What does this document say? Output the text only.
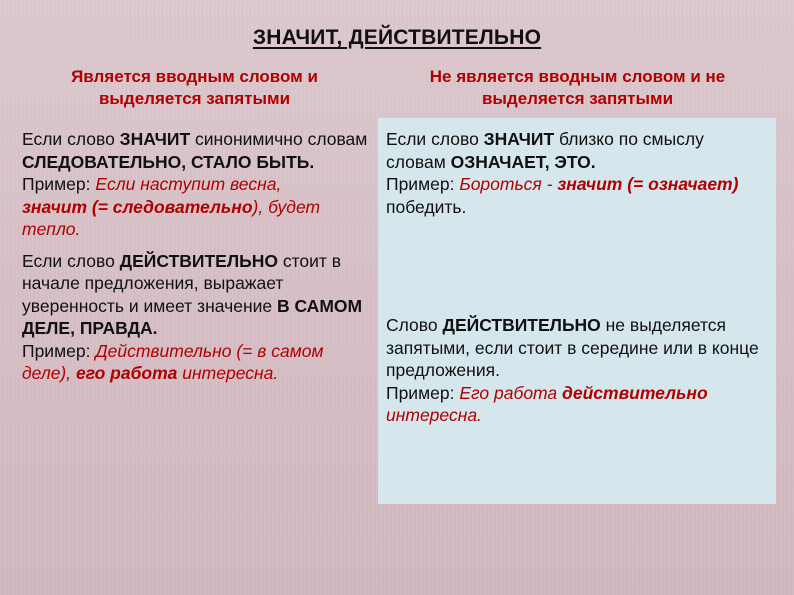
ЗНАЧИТ, ДЕЙСТВИТЕЛЬНО
Является вводным словом и выделяется запятыми
Не является вводным словом и не выделяется запятыми

Если слово ЗНАЧИТ синонимично словам
СЛЕДОВАТЕЛЬНО, СТАЛО БЫТЬ.
Пример: Если наступит весна,
значит (= следовательно), будет тепло.

Если слово ДЕЙСТВИТЕЛЬНО стоит в начале предложения, выражает уверенность и имеет значение В САМОМ ДЕЛЕ, ПРАВДА.
Пример: Действительно (= в самом деле), его работа интересна.

Если слово ЗНАЧИТ близко по смыслу словам ОЗНАЧАЕТ, ЭТО.
Пример: Бороться - значит (= означает) победить.

Слово ДЕЙСТВИТЕЛЬНО не выделяется запятыми, если стоит в середине или в конце предложения.
Пример: Его работа действительно интересна.
